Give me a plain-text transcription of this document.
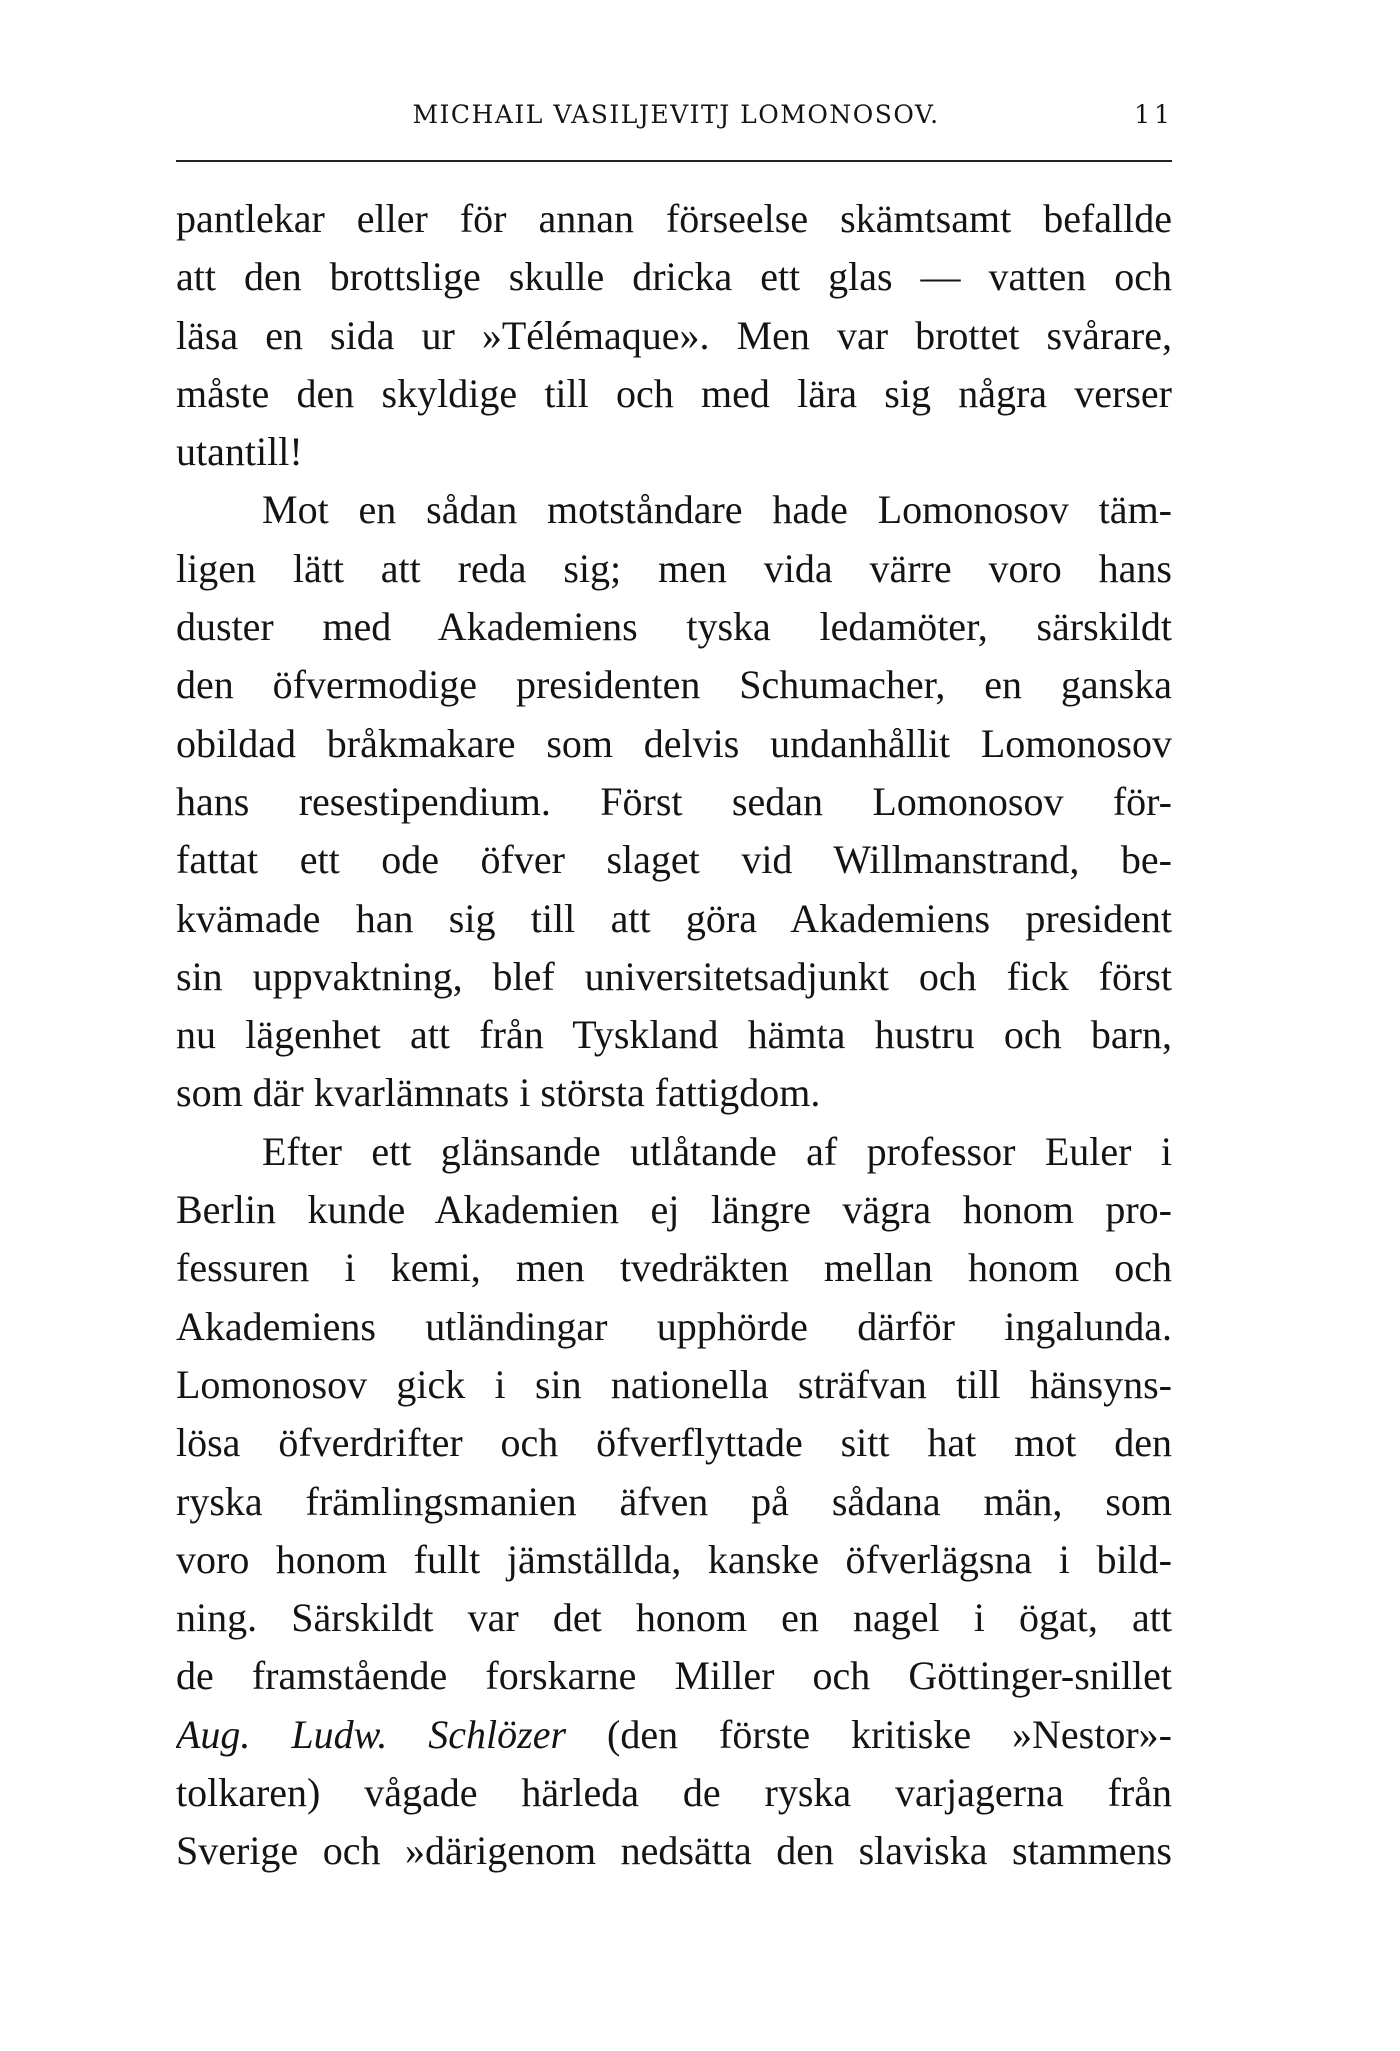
MICHAIL VASILJEVITJ LOMONOSOV.	11
pantlekar eller för annan förseelse skämtsamt befallde
att den brottslige skulle dricka ett glas — vatten och
läsa en sida ur »Télémaque». Men var brottet svårare,
måste den skyldige till och med lära sig några verser
utantill!
Mot en sådan motståndare hade Lomonosov täm-
ligen lätt att reda sig; men vida värre voro hans
duster med Akademiens tyska ledamöter, särskildt
den öfvermodige presidenten Schumacher, en ganska
obildad bråkmakare som delvis undanhållit Lomonosov
hans resestipendium. Först sedan Lomonosov för-
fattat ett ode öfver slaget vid Willmanstrand, be-
kvämade han sig till att göra Akademiens president
sin uppvaktning, blef universitetsadjunkt och fick först
nu lägenhet att från Tyskland hämta hustru och barn,
som där kvarlämnats i största fattigdom.
Efter ett glänsande utlåtande af professor Euler i
Berlin kunde Akademien ej längre vägra honom pro-
fessuren i kemi, men tvedräkten mellan honom och
Akademiens utländingar upphörde därför ingalunda.
Lomonosov gick i sin nationella sträfvan till hänsyns-
lösa öfverdrifter och öfverflyttade sitt hat mot den
ryska främlingsmanien äfven på sådana män, som
voro honom fullt jämställda, kanske öfverlägsna i bild-
ning. Särskildt var det honom en nagel i ögat, att
de framstående forskarne Miller och Göttinger-snillet
Aug. Ludw. Schlözer (den förste kritiske »Nestor»-
tolkaren) vågade härleda de ryska varjagerna från
Sverige och »därigenom nedsätta den slaviska stammens
